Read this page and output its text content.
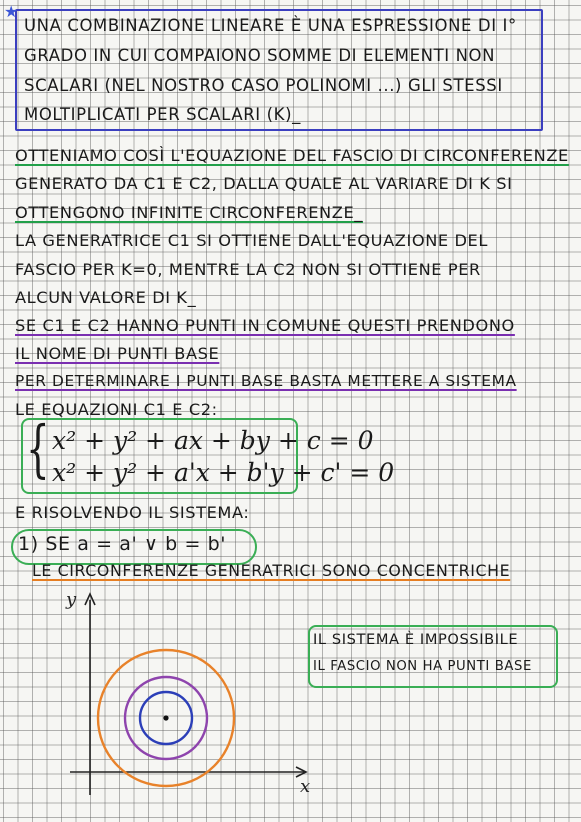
★
UNA COMBINAZIONE LINEARE È UNA ESPRESSIONE DI I°
GRADO IN CUI COMPAIONO SOMME DI ELEMENTI NON
SCALARI (NEL NOSTRO CASO POLINOMI ...) GLI STESSI
MOLTIPLICATI PER SCALARI (K)_
OTTENIAMO COSÌ L'EQUAZIONE DEL FASCIO DI CIRCONFERENZE
GENERATO DA C1 E C2, DALLA QUALE AL VARIARE DI K SI
OTTENGONO INFINITE CIRCONFERENZE_
LA GENERATRICE C1 SI OTTIENE DALL'EQUAZIONE DEL
FASCIO PER K=0, MENTRE LA C2 NON SI OTTIENE PER
ALCUN VALORE DI K_
SE C1 E C2 HANNO PUNTI IN COMUNE QUESTI PRENDONO
IL NOME DI PUNTI BASE
PER DETERMINARE I PUNTI BASE BASTA METTERE A SISTEMA
LE EQUAZIONI C1 E C2:
{ x² + y² + ax + by + c = 0
x² + y² + a'x + b'y + c' = 0
E RISOLVENDO IL SISTEMA:
1) SE a = a' ∨ b = b'
LE CIRCONFERENZE GENERATRICI SONO CONCENTRICHE
y
x
IL SISTEMA È IMPOSSIBILE
IL FASCIO NON HA PUNTI BASE
